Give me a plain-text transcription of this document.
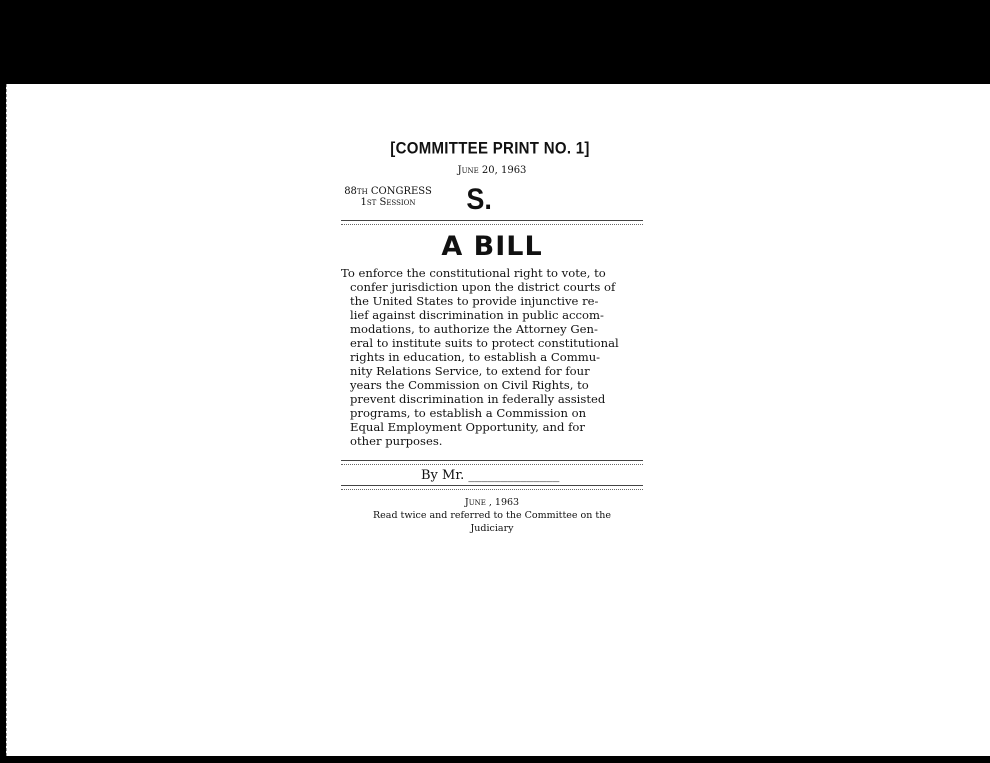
[COMMITTEE PRINT NO. 1]
June 20, 1963
88th CONGRESS
1st Session	S.
A BILL
To enforce the constitutional right to vote, to
confer jurisdiction upon the district courts of
the United States to provide injunctive re-
lief against discrimination in public accom-
modations, to authorize the Attorney Gen-
eral to institute suits to protect constitutional
rights in education, to establish a Commu-
nity Relations Service, to extend for four
years the Commission on Civil Rights, to
prevent discrimination in federally assisted
programs, to establish a Commission on
Equal Employment Opportunity, and for
other purposes.
By Mr. ______________
June , 1963
Read twice and referred to the Committee on the
Judiciary
